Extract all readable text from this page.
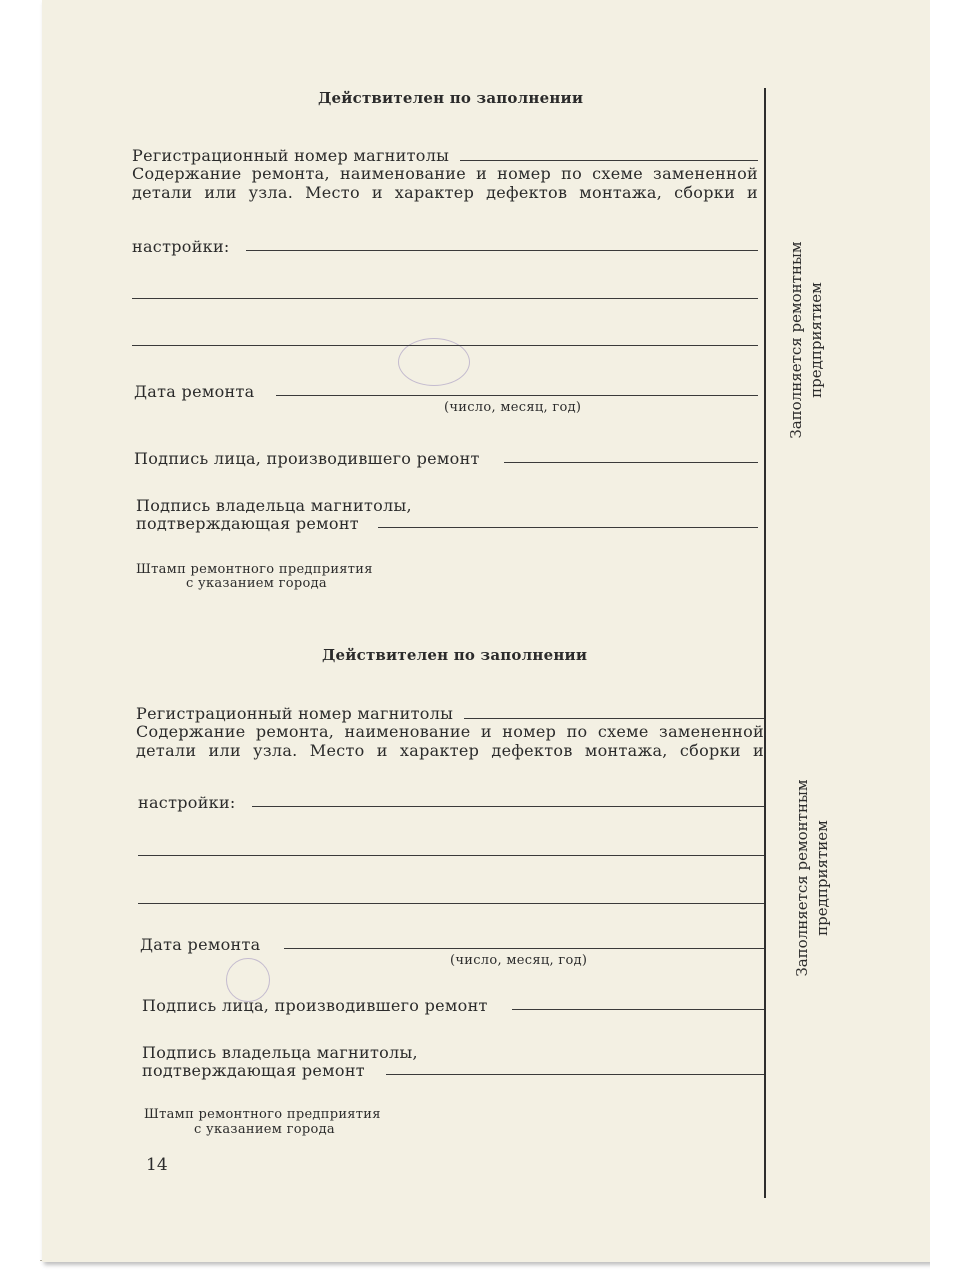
Действителен по заполнении
Регистрационный номер магнитолы
Содержание ремонта, наименование и номер по схеме замененной
детали или узла. Место и характер дефектов монтажа, сборки и
настройки:
Дата ремонта
(число, месяц, год)
Подпись лица, производившего ремонт
Подпись владельца магнитолы,
подтверждающая ремонт
Штамп ремонтного предприятия
с указанием города
Заполняется ремонтным предприятием
Действителен по заполнении
Регистрационный номер магнитолы
Содержание ремонта, наименование и номер по схеме замененной
детали или узла. Место и характер дефектов монтажа, сборки и
настройки:
Дата ремонта
(число, месяц, год)
Подпись лица, производившего ремонт
Подпись владельца магнитолы,
подтверждающая ремонт
Штамп ремонтного предприятия
с указанием города
Заполняется ремонтным предприятием
14
